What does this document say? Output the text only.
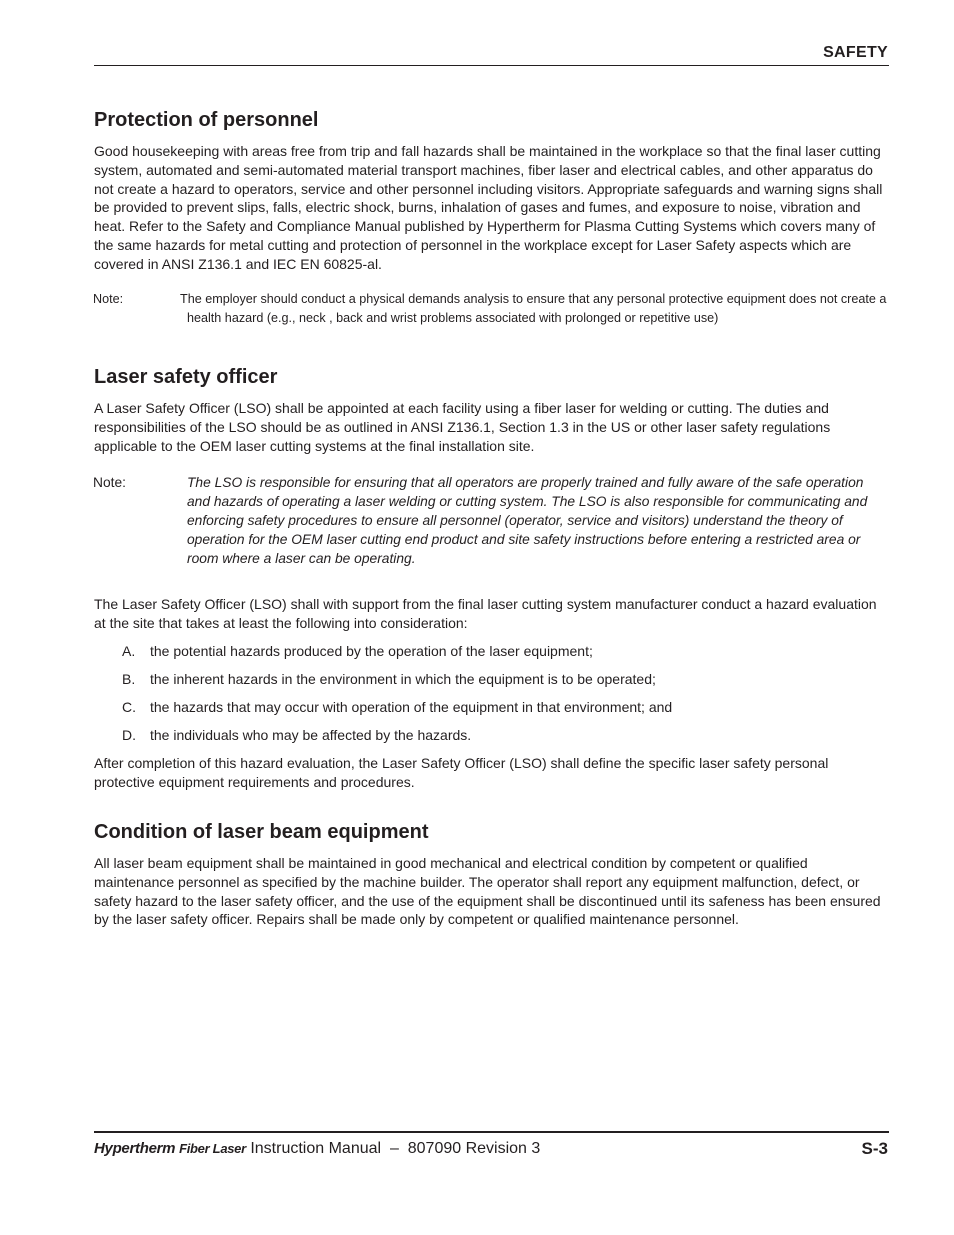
SAFETY
Protection of personnel

Good housekeeping with areas free from trip and fall hazards shall be maintained in the workplace so that the final laser cutting system, automated and semi-automated material transport machines, fiber laser and electrical cables, and other apparatus do not create a hazard to operators, service and other personnel including visitors. Appropriate safeguards and warning signs shall be provided to prevent slips, falls, electric shock, burns, inhalation of gases and fumes, and exposure to noise, vibration and heat. Refer to the Safety and Compliance Manual published by Hypertherm for Plasma Cutting Systems which covers many of the same hazards for metal cutting and protection of personnel in the workplace except for Laser Safety aspects which are covered in ANSI Z136.1 and IEC EN 60825-al.

Note:	The employer should conduct a physical demands analysis to ensure that any personal protective equipment does not create a health hazard (e.g., neck , back and wrist problems associated with prolonged or repetitive use)
Laser safety officer

A Laser Safety Officer (LSO) shall be appointed at each facility using a fiber laser for welding or cutting. The duties and responsibilities of the LSO should be as outlined in ANSI Z136.1, Section 1.3 in the US or other laser safety regulations applicable to the OEM laser cutting systems at the final installation site.

Note:	The LSO is responsible for ensuring that all operators are properly trained and fully aware of the safe operation and hazards of operating a laser welding or cutting system. The LSO is also responsible for communicating and enforcing safety procedures to ensure all personnel (operator, service and visitors) understand the theory of operation for the OEM laser cutting end product and site safety instructions before entering a restricted area or room where a laser can be operating.

The Laser Safety Officer (LSO) shall with support from the final laser cutting system manufacturer conduct a hazard evaluation at the site that takes at least the following into consideration:

A. the potential hazards produced by the operation of the laser equipment;
B. the inherent hazards in the environment in which the equipment is to be operated;
C. the hazards that may occur with operation of the equipment in that environment; and
D. the individuals who may be affected by the hazards.

After completion of this hazard evaluation, the Laser Safety Officer (LSO) shall define the specific laser safety personal protective equipment requirements and procedures.

Condition of laser beam equipment

All laser beam equipment shall be maintained in good mechanical and electrical condition by competent or qualified maintenance personnel as specified by the machine builder. The operator shall report any equipment malfunction, defect, or safety hazard to the laser safety officer, and the use of the equipment shall be discontinued until its safeness has been ensured by the laser safety officer. Repairs shall be made only by competent or qualified maintenance personnel.

Hypertherm Fiber Laser Instruction Manual  –  807090 Revision 3	S-3
